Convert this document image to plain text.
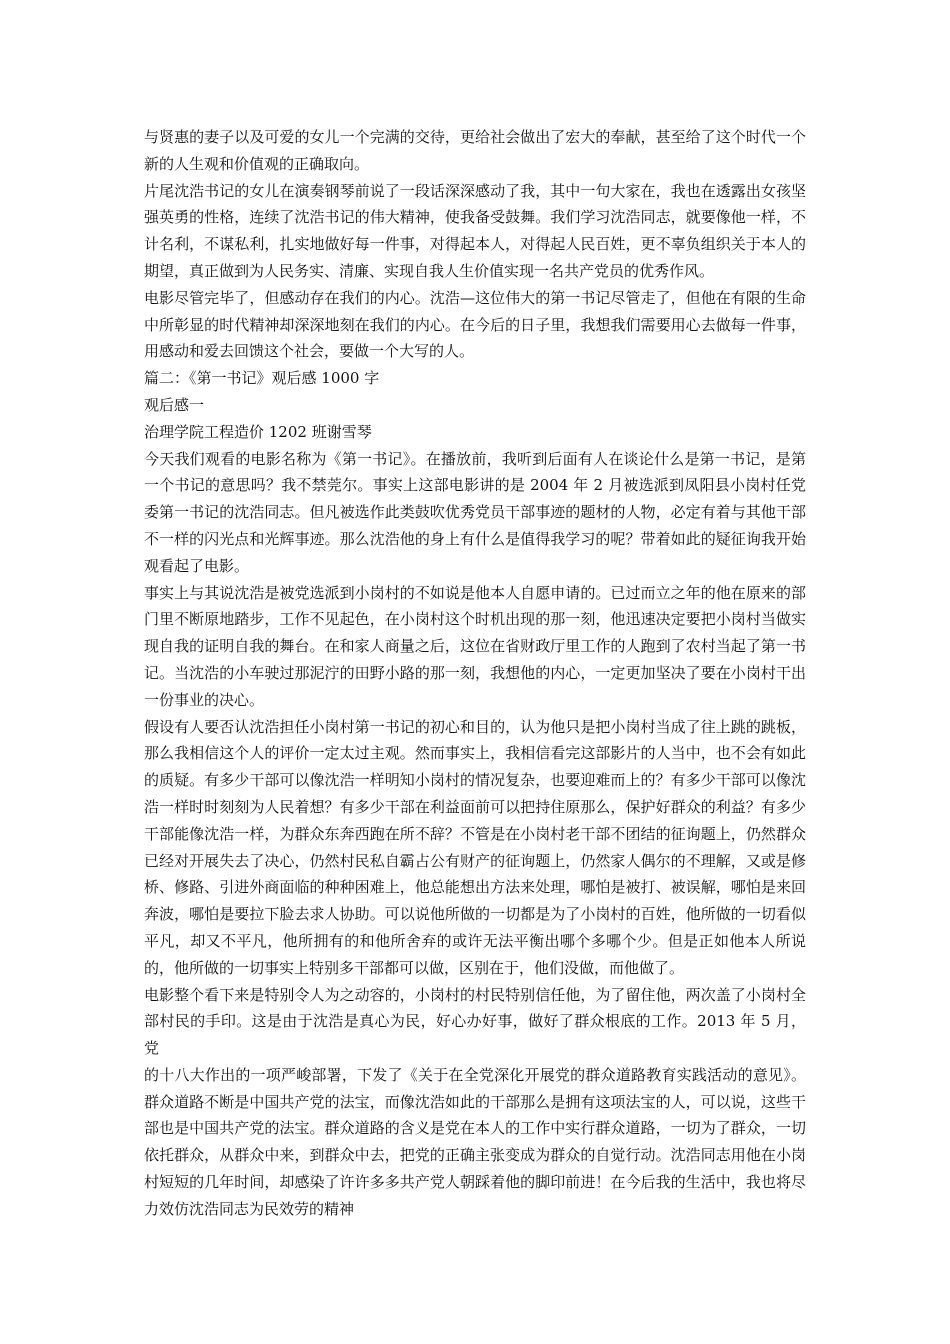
与贤惠的妻子以及可爱的女儿一个完满的交待，更给社会做出了宏大的奉献，甚至给了这个时代一个新的人生观和价值观的正确取向。

片尾沈浩书记的女儿在演奏钢琴前说了一段话深深感动了我，其中一句大家在，我也在透露出女孩坚强英勇的性格，连续了沈浩书记的伟大精神，使我备受鼓舞。我们学习沈浩同志，就要像他一样，不计名利，不谋私利，扎实地做好每一件事，对得起本人，对得起人民百姓，更不辜负组织关于本人的期望，真正做到为人民务实、清廉、实现自我人生价值实现一名共产党员的优秀作风。

电影尽管完毕了，但感动存在我们的内心。沈浩—这位伟大的第一书记尽管走了，但他在有限的生命中所彰显的时代精神却深深地刻在我们的内心。在今后的日子里，我想我们需要用心去做每一件事，用感动和爱去回馈这个社会，要做一个大写的人。

篇二：《第一书记》观后感 1000 字

观后感一

治理学院工程造价 1202 班谢雪琴

今天我们观看的电影名称为《第一书记》。在播放前，我听到后面有人在谈论什么是第一书记，是第一个书记的意思吗？我不禁莞尔。事实上这部电影讲的是 2004 年 2 月被选派到凤阳县小岗村任党委第一书记的沈浩同志。但凡被选作此类鼓吹优秀党员干部事迹的题材的人物，必定有着与其他干部不一样的闪光点和光辉事迹。那么沈浩他的身上有什么是值得我学习的呢？带着如此的疑征询我开始观看起了电影。

事实上与其说沈浩是被党选派到小岗村的不如说是他本人自愿申请的。已过而立之年的他在原来的部门里不断原地踏步，工作不见起色，在小岗村这个时机出现的那一刻，他迅速决定要把小岗村当做实现自我的证明自我的舞台。在和家人商量之后，这位在省财政厅里工作的人跑到了农村当起了第一书记。当沈浩的小车驶过那泥泞的田野小路的那一刻，我想他的内心，一定更加坚决了要在小岗村干出一份事业的决心。

假设有人要否认沈浩担任小岗村第一书记的初心和目的，认为他只是把小岗村当成了往上跳的跳板，那么我相信这个人的评价一定太过主观。然而事实上，我相信看完这部影片的人当中，也不会有如此的质疑。有多少干部可以像沈浩一样明知小岗村的情况复杂，也要迎难而上的？有多少干部可以像沈浩一样时时刻刻为人民着想？有多少干部在利益面前可以把持住原那么，保护好群众的利益？有多少干部能像沈浩一样，为群众东奔西跑在所不辞？不管是在小岗村老干部不团结的征询题上，仍然群众已经对开展失去了决心，仍然村民私自霸占公有财产的征询题上，仍然家人偶尔的不理解，又或是修桥、修路、引进外商面临的种种困难上，他总能想出方法来处理，哪怕是被打、被误解，哪怕是来回奔波，哪怕是要拉下脸去求人协助。可以说他所做的一切都是为了小岗村的百姓，他所做的一切看似平凡，却又不平凡，他所拥有的和他所舍弃的或许无法平衡出哪个多哪个少。但是正如他本人所说的，他所做的一切事实上特别多干部都可以做，区别在于，他们没做，而他做了。

电影整个看下来是特别令人为之动容的，小岗村的村民特别信任他，为了留住他，两次盖了小岗村全部村民的手印。这是由于沈浩是真心为民，好心办好事，做好了群众根底的工作。2013 年 5 月，党

的十八大作出的一项严峻部署，下发了《关于在全党深化开展党的群众道路教育实践活动的意见》。群众道路不断是中国共产党的法宝，而像沈浩如此的干部那么是拥有这项法宝的人，可以说，这些干部也是中国共产党的法宝。群众道路的含义是党在本人的工作中实行群众道路，一切为了群众，一切依托群众，从群众中来，到群众中去，把党的正确主张变成为群众的自觉行动。沈浩同志用他在小岗村短短的几年时间，却感染了许许多多共产党人朝踩着他的脚印前进！在今后我的生活中，我也将尽力效仿沈浩同志为民效劳的精神
